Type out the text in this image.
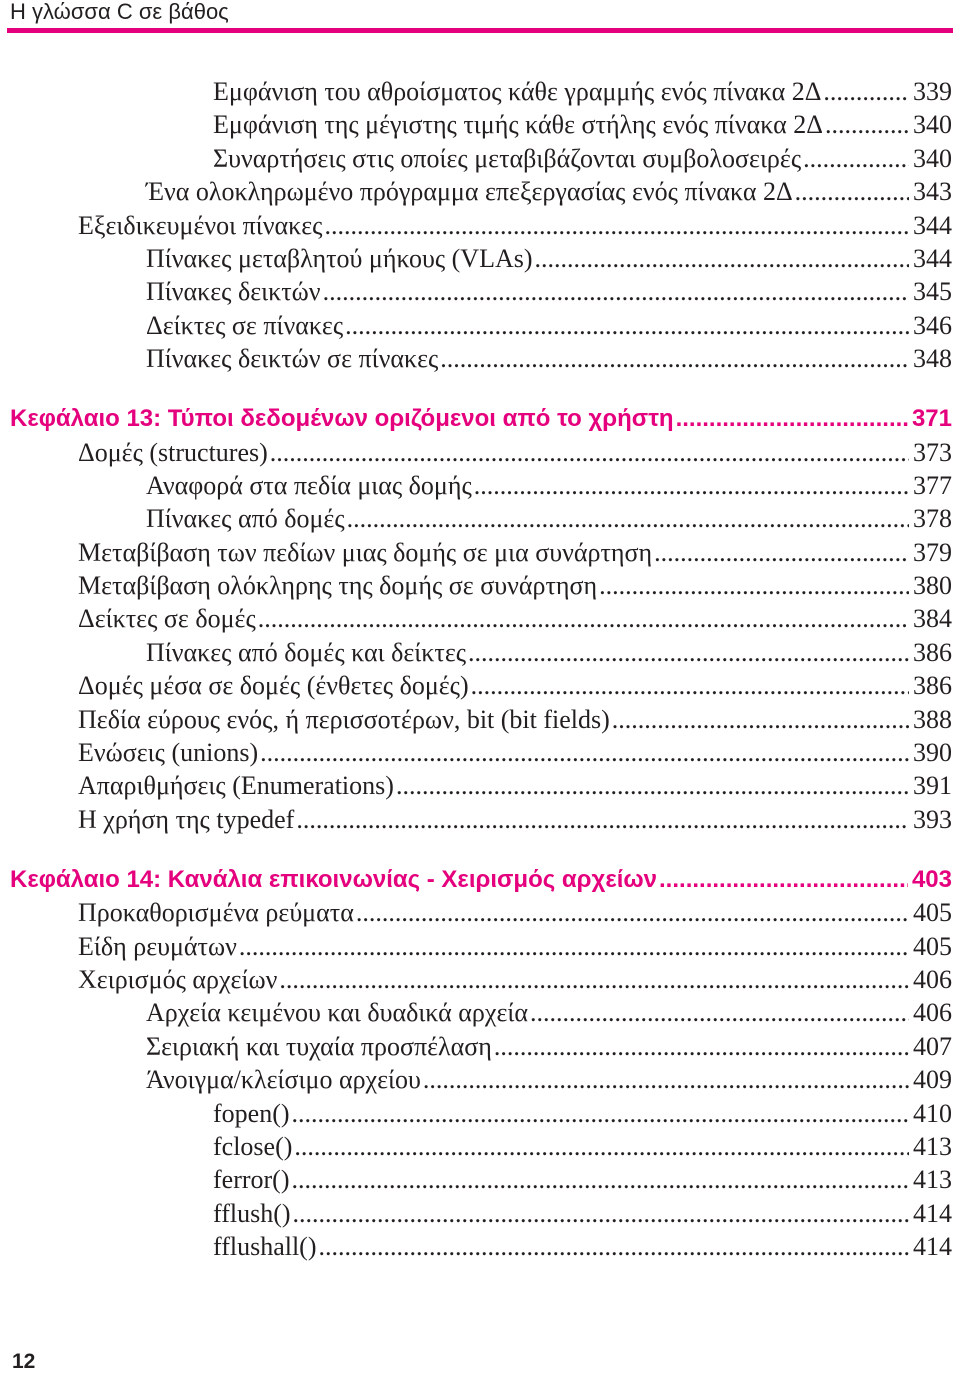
Η γλώσσα C σε βάθος
Εμφάνιση του αθροίσματος κάθε γραμμής ενός πίνακα 2Δ .....	339
Εμφάνιση της μέγιστης τιμής κάθε στήλης ενός πίνακα 2Δ .....	340
Συναρτήσεις στις οποίες μεταβιβάζονται συμβολοσειρές .....	340
Ένα ολοκληρωμένο πρόγραμμα επεξεργασίας ενός πίνακα 2Δ .....	343
Εξειδικευμένοι πίνακες .....	344
Πίνακες μεταβλητού μήκους (VLAs) .....	344
Πίνακες δεικτών .....	345
Δείκτες σε πίνακες .....	346
Πίνακες δεικτών σε πίνακες .....	348
Κεφάλαιο 13: Τύποι δεδομένων οριζόμενοι από το χρήστη .....	371
Δομές (structures) .....	373
Αναφορά στα πεδία μιας δομής .....	377
Πίνακες από δομές .....	378
Μεταβίβαση των πεδίων μιας δομής σε μια συνάρτηση .....	379
Μεταβίβαση ολόκληρης της δομής σε συνάρτηση .....	380
Δείκτες σε δομές .....	384
Πίνακες από δομές και δείκτες .....	386
Δομές μέσα σε δομές (ένθετες δομές) .....	386
Πεδία εύρους ενός, ή περισσοτέρων, bit (bit fields) .....	388
Ενώσεις (unions) .....	390
Απαριθμήσεις (Enumerations) .....	391
Η χρήση της typedef .....	393
Κεφάλαιο 14: Κανάλια επικοινωνίας - Χειρισμός αρχείων .....	403
Προκαθορισμένα ρεύματα .....	405
Είδη ρευμάτων .....	405
Χειρισμός αρχείων .....	406
Αρχεία κειμένου και δυαδικά αρχεία .....	406
Σειριακή και τυχαία προσπέλαση .....	407
Άνοιγμα/κλείσιμο αρχείου .....	409
fopen() .....	410
fclose() .....	413
ferror() .....	413
fflush() .....	414
fflushall() .....	414
12
